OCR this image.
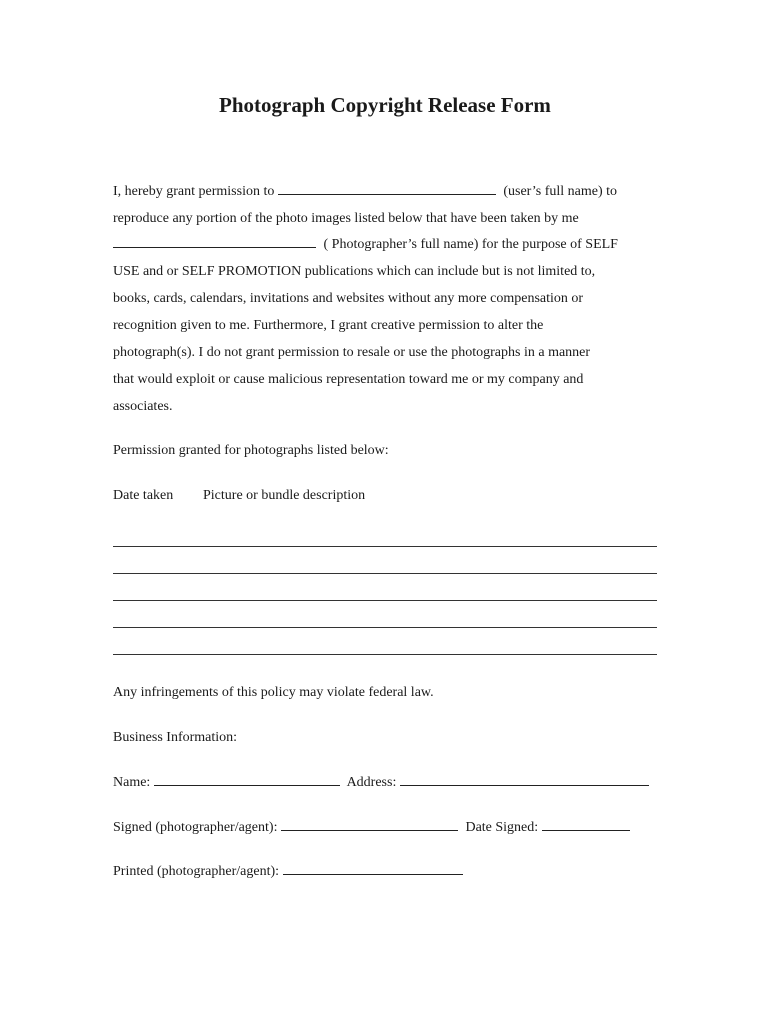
Photograph Copyright Release Form
I, hereby grant permission to	(user’s full name) to
reproduce any portion of the photo images listed below that have been taken by me
( Photographer’s full name) for the purpose of SELF
USE and or SELF PROMOTION publications which can include but is not limited to,
books, cards, calendars, invitations and websites without any more compensation or
recognition given to me. Furthermore, I grant creative permission to alter the
photograph(s). I do not grant permission to resale or use the photographs in a manner
that would exploit or cause malicious representation toward me or my company and
associates.
Permission granted for photographs listed below:
Date taken Picture or bundle description
Any infringements of this policy may violate federal law.
Business Information:
Name:	Address:
Signed (photographer/agent):	Date Signed:
Printed (photographer/agent):
